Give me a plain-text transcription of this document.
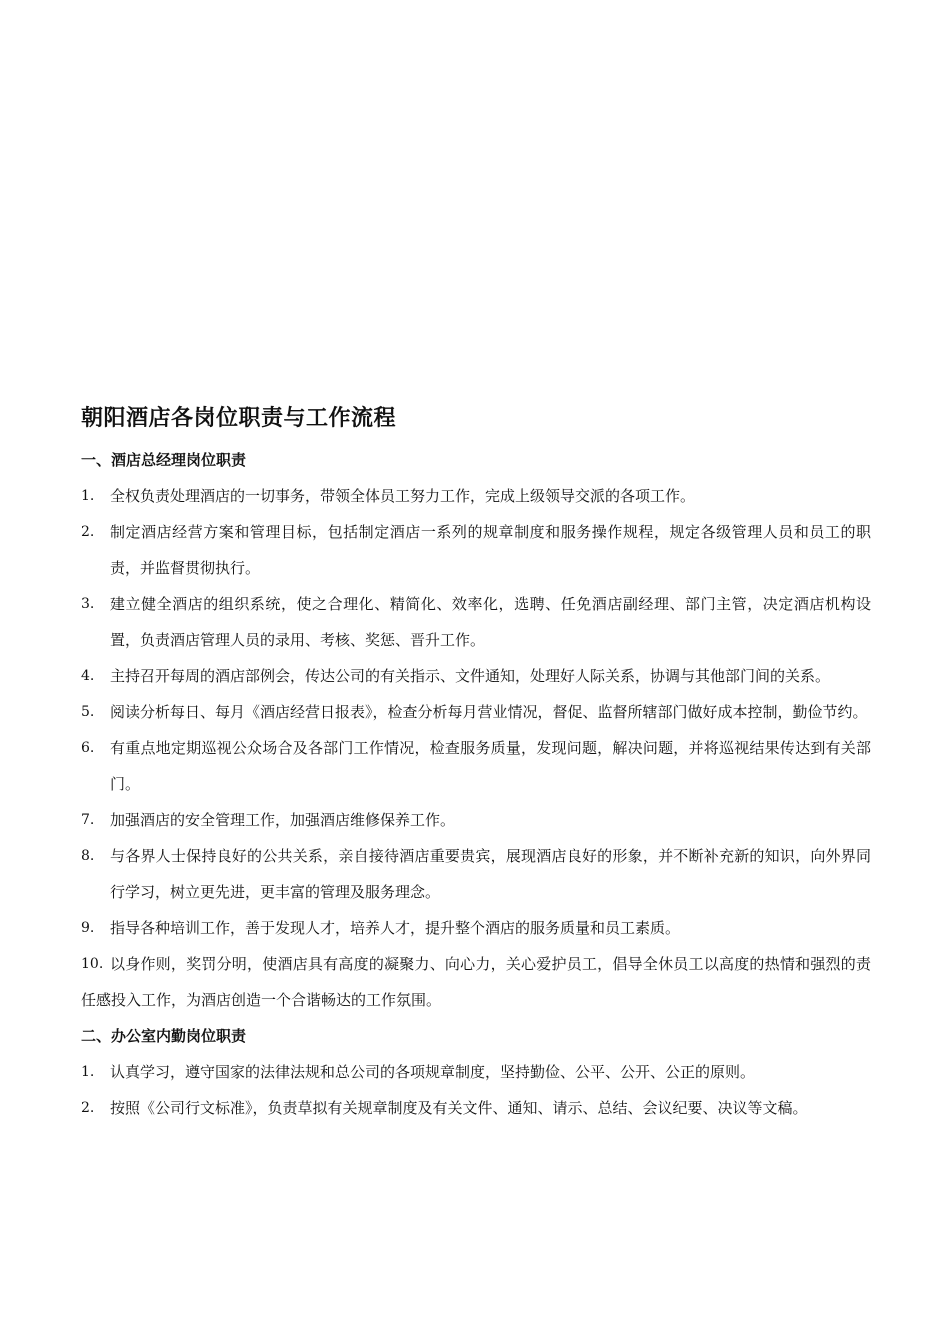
朝阳酒店各岗位职责与工作流程
一、酒店总经理岗位职责
1.	全权负责处理酒店的一切事务，带领全体员工努力工作，完成上级领导交派的各项工作。
2.	制定酒店经营方案和管理目标，包括制定酒店一系列的规章制度和服务操作规程，规定各级管理人员和员工的职责，并监督贯彻执行。
3.	建立健全酒店的组织系统，使之合理化、精简化、效率化，选聘、任免酒店副经理、部门主管，决定酒店机构设置，负责酒店管理人员的录用、考核、奖惩、晋升工作。
4.	主持召开每周的酒店部例会，传达公司的有关指示、文件通知，处理好人际关系，协调与其他部门间的关系。
5.	阅读分析每日、每月《酒店经营日报表》，检查分析每月营业情况，督促、监督所辖部门做好成本控制，勤俭节约。
6.	有重点地定期巡视公众场合及各部门工作情况，检查服务质量，发现问题，解决问题，并将巡视结果传达到有关部门。
7.	加强酒店的安全管理工作，加强酒店维修保养工作。
8.	与各界人士保持良好的公共关系，亲自接待酒店重要贵宾，展现酒店良好的形象，并不断补充新的知识，向外界同行学习，树立更先进，更丰富的管理及服务理念。
9.	指导各种培训工作，善于发现人才，培养人才，提升整个酒店的服务质量和员工素质。
10. 以身作则，奖罚分明，使酒店具有高度的凝聚力、向心力，关心爱护员工，倡导全休员工以高度的热情和强烈的责任感投入工作，为酒店创造一个合谐畅达的工作氛围。
二、办公室内勤岗位职责
1.	认真学习，遵守国家的法律法规和总公司的各项规章制度，坚持勤俭、公平、公开、公正的原则。
2.	按照《公司行文标准》，负责草拟有关规章制度及有关文件、通知、请示、总结、会议纪要、决议等文稿。
